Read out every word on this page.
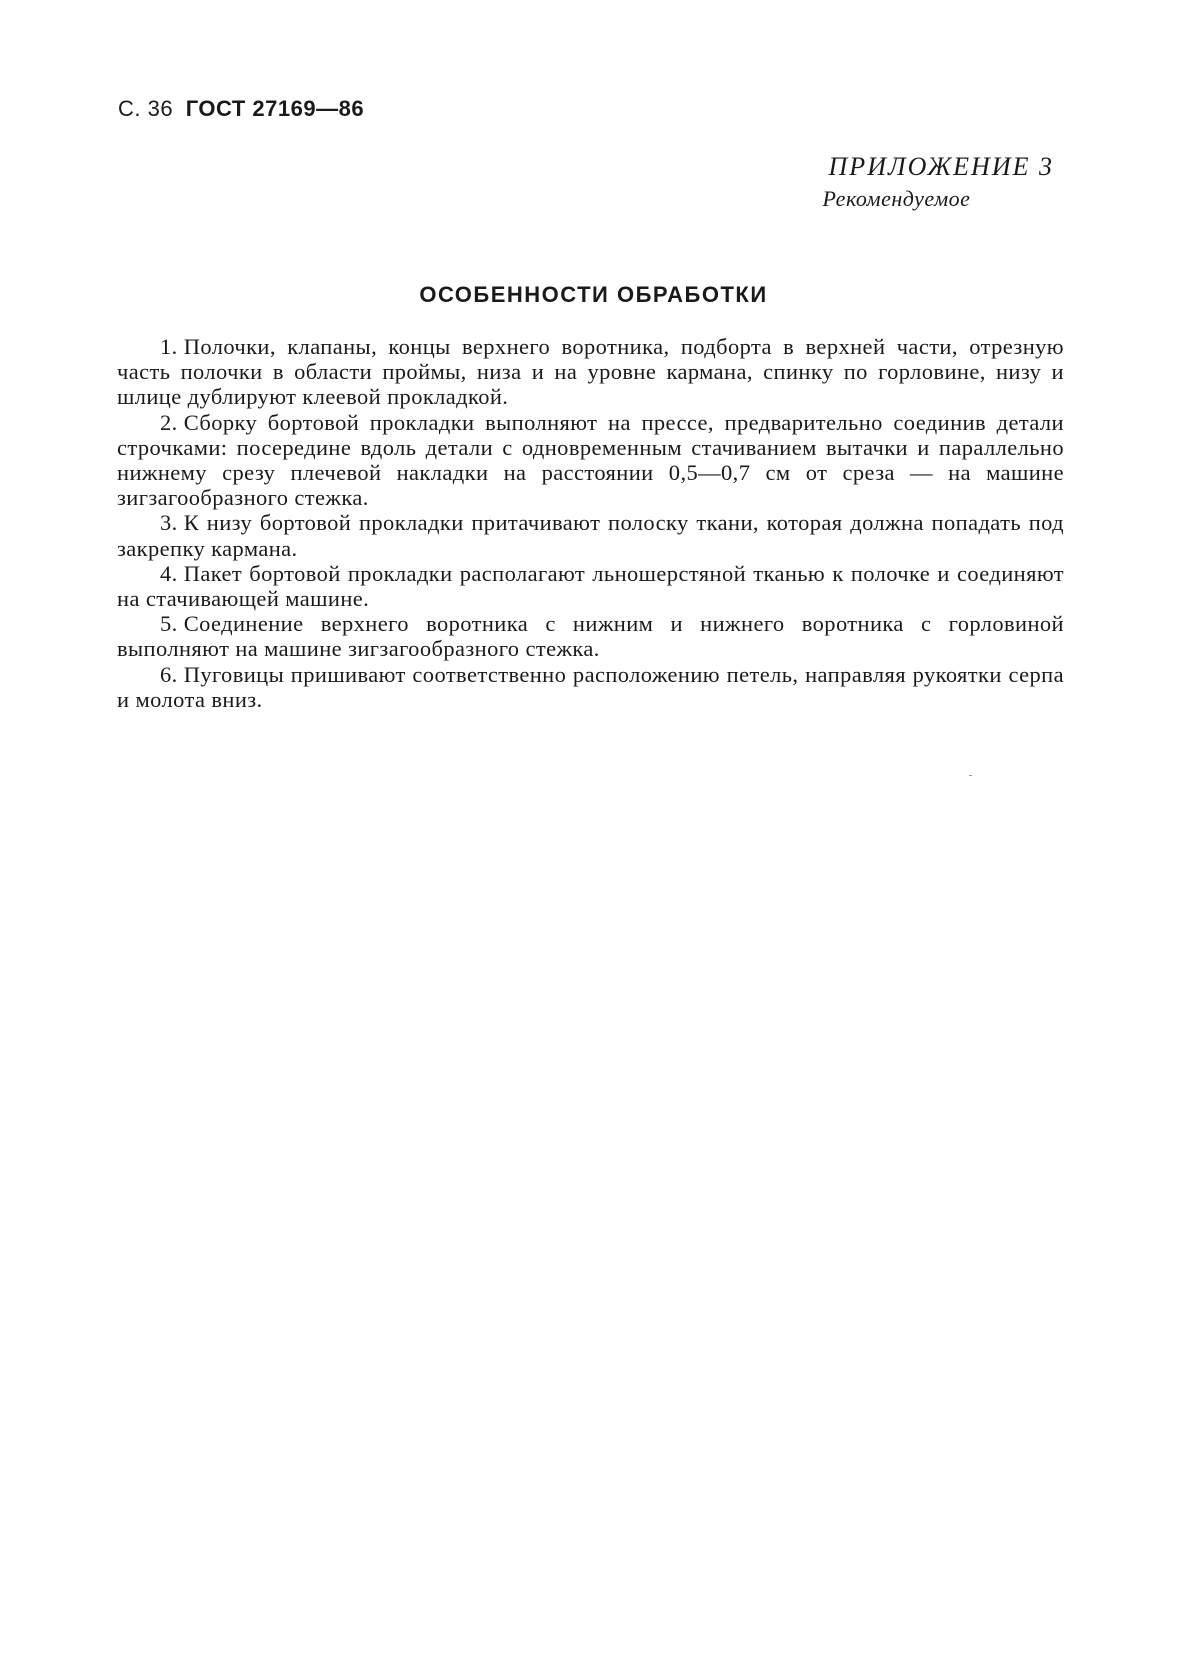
С. 36 ГОСТ 27169—86
ПРИЛОЖЕНИЕ 3
Рекомендуемое
ОСОБЕННОСТИ ОБРАБОТКИ

1. Полочки, клапаны, концы верхнего воротника, подборта в верхней части, отрезную часть полочки в области проймы, низа и на уровне кармана, спинку по горловине, низу и шлице дублируют клеевой прокладкой.

2. Сборку бортовой прокладки выполняют на прессе, предварительно соединив детали строчками: посередине вдоль детали с одновременным стачиванием вытачки и параллельно нижнему срезу плечевой накладки на расстоянии 0,5—0,7 см от среза — на машине зигзагообразного стежка.

3. К низу бортовой прокладки притачивают полоску ткани, которая должна попадать под закрепку кармана.

4. Пакет бортовой прокладки располагают льношерстяной тканью к полочке и соединяют на стачивающей машине.

5. Соединение верхнего воротника с нижним и нижнего воротника с горловиной выполняют на машине зигзагообразного стежка.

6. Пуговицы пришивают соответственно расположению петель, направляя рукоятки серпа и молота вниз.
